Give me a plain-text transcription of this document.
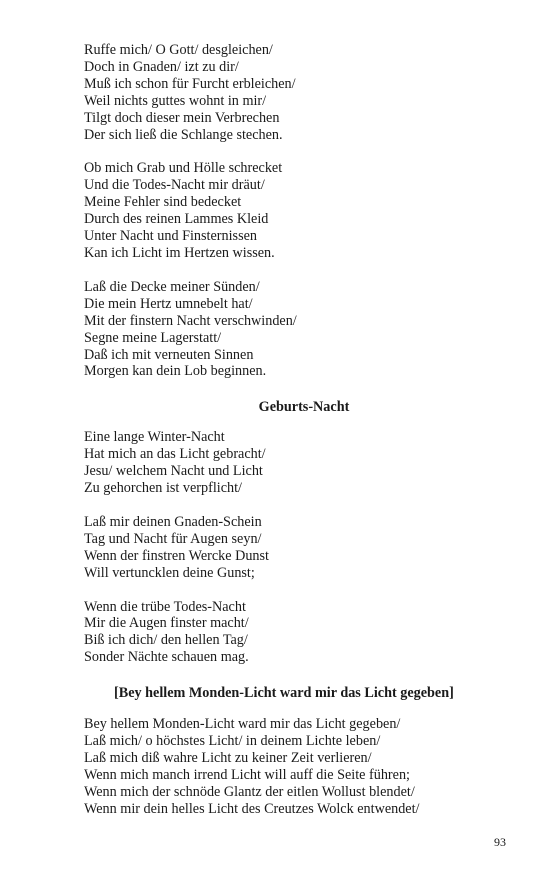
Ruffe mich/ O Gott/ desgleichen/
Doch in Gnaden/ izt zu dir/
Muß ich schon für Furcht erbleichen/
Weil nichts guttes wohnt in mir/
Tilgt doch dieser mein Verbrechen
Der sich ließ die Schlange stechen.
Ob mich Grab und Hölle schrecket
Und die Todes-Nacht mir dräut/
Meine Fehler sind bedecket
Durch des reinen Lammes Kleid
Unter Nacht und Finsternissen
Kan ich Licht im Hertzen wissen.
Laß die Decke meiner Sünden/
Die mein Hertz umnebelt hat/
Mit der finstern Nacht verschwinden/
Segne meine Lagerstatt/
Daß ich mit verneuten Sinnen
Morgen kan dein Lob beginnen.
Geburts-Nacht
Eine lange Winter-Nacht
Hat mich an das Licht gebracht/
Jesu/ welchem Nacht und Licht
Zu gehorchen ist verpflicht/
Laß mir deinen Gnaden-Schein
Tag und Nacht für Augen seyn/
Wenn der finstren Wercke Dunst
Will vertuncklen deine Gunst;
Wenn die trübe Todes-Nacht
Mir die Augen finster macht/
Biß ich dich/ den hellen Tag/
Sonder Nächte schauen mag.
[Bey hellem Monden-Licht ward mir das Licht gegeben]
Bey hellem Monden-Licht ward mir das Licht gegeben/
Laß mich/ o höchstes Licht/ in deinem Lichte leben/
Laß mich diß wahre Licht zu keiner Zeit verlieren/
Wenn mich manch irrend Licht will auff die Seite führen;
Wenn mich der schnöde Glantz der eitlen Wollust blendet/
Wenn mir dein helles Licht des Creutzes Wolck entwendet/
93
